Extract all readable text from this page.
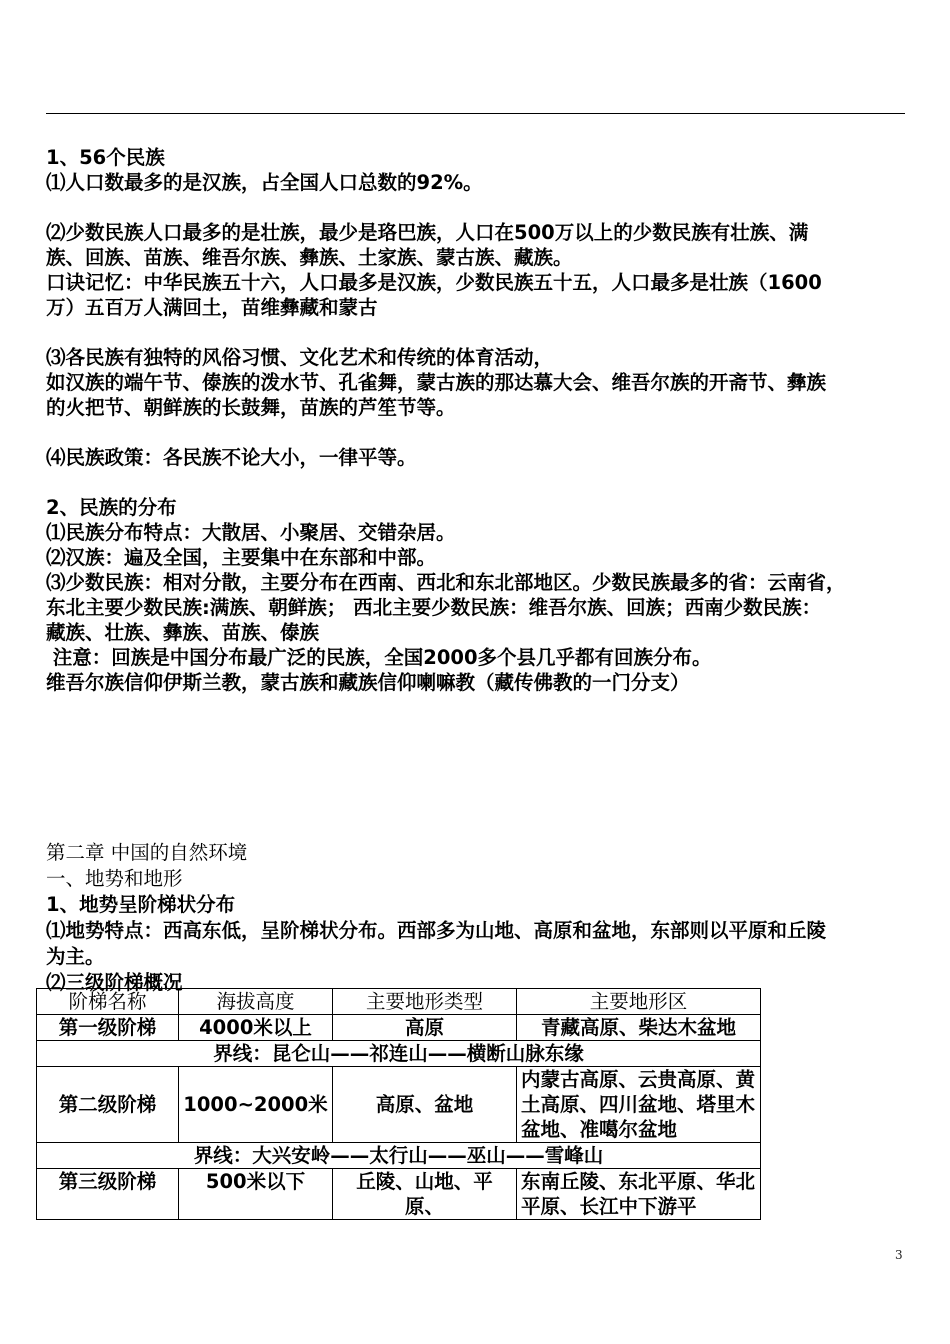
1、56个民族

⑴人口数最多的是汉族，占全国人口总数的92%。

⑵少数民族人口最多的是壮族，最少是珞巴族，人口在500万以上的少数民族有壮族、满

族、回族、苗族、维吾尔族、彝族、土家族、蒙古族、藏族。

口诀记忆：中华民族五十六，人口最多是汉族，少数民族五十五，人口最多是壮族（1600

万）五百万人满回土，苗维彝藏和蒙古

⑶各民族有独特的风俗习惯、文化艺术和传统的体育活动，

如汉族的端午节、傣族的泼水节、孔雀舞，蒙古族的那达慕大会、维吾尔族的开斋节、彝族

的火把节、朝鲜族的长鼓舞，苗族的芦笙节等。

⑷民族政策：各民族不论大小，一律平等。

2、民族的分布

⑴民族分布特点：大散居、小聚居、交错杂居。

⑵汉族：遍及全国，主要集中在东部和中部。

⑶少数民族：相对分散，主要分布在西南、西北和东北部地区。少数民族最多的省：云南省，

东北主要少数民族:满族、朝鲜族； 西北主要少数民族：维吾尔族、回族；西南少数民族：

藏族、壮族、彝族、苗族、傣族

注意：回族是中国分布最广泛的民族，全国2000多个县几乎都有回族分布。

维吾尔族信仰伊斯兰教，蒙古族和藏族信仰喇嘛教（藏传佛教的一门分支）

第二章 中国的自然环境

一、地势和地形

1、地势呈阶梯状分布

⑴地势特点：西高东低，呈阶梯状分布。西部多为山地、高原和盆地，东部则以平原和丘陵

为主。

⑵三级阶梯概况

阶梯名称	海拔高度	主要地形类型	主要地形区
第一级阶梯	4000米以上	高原	青藏高原、柴达木盆地
界线：昆仑山——祁连山——横断山脉东缘			
第二级阶梯	1000~2000米	高原、盆地	内蒙古高原、云贵高原、黄土高原、四川盆地、塔里木盆地、准噶尔盆地
界线：大兴安岭——太行山——巫山——雪峰山			
第三级阶梯	500米以下	丘陵、山地、平原、	东南丘陵、东北平原、华北平原、长江中下游平
3
